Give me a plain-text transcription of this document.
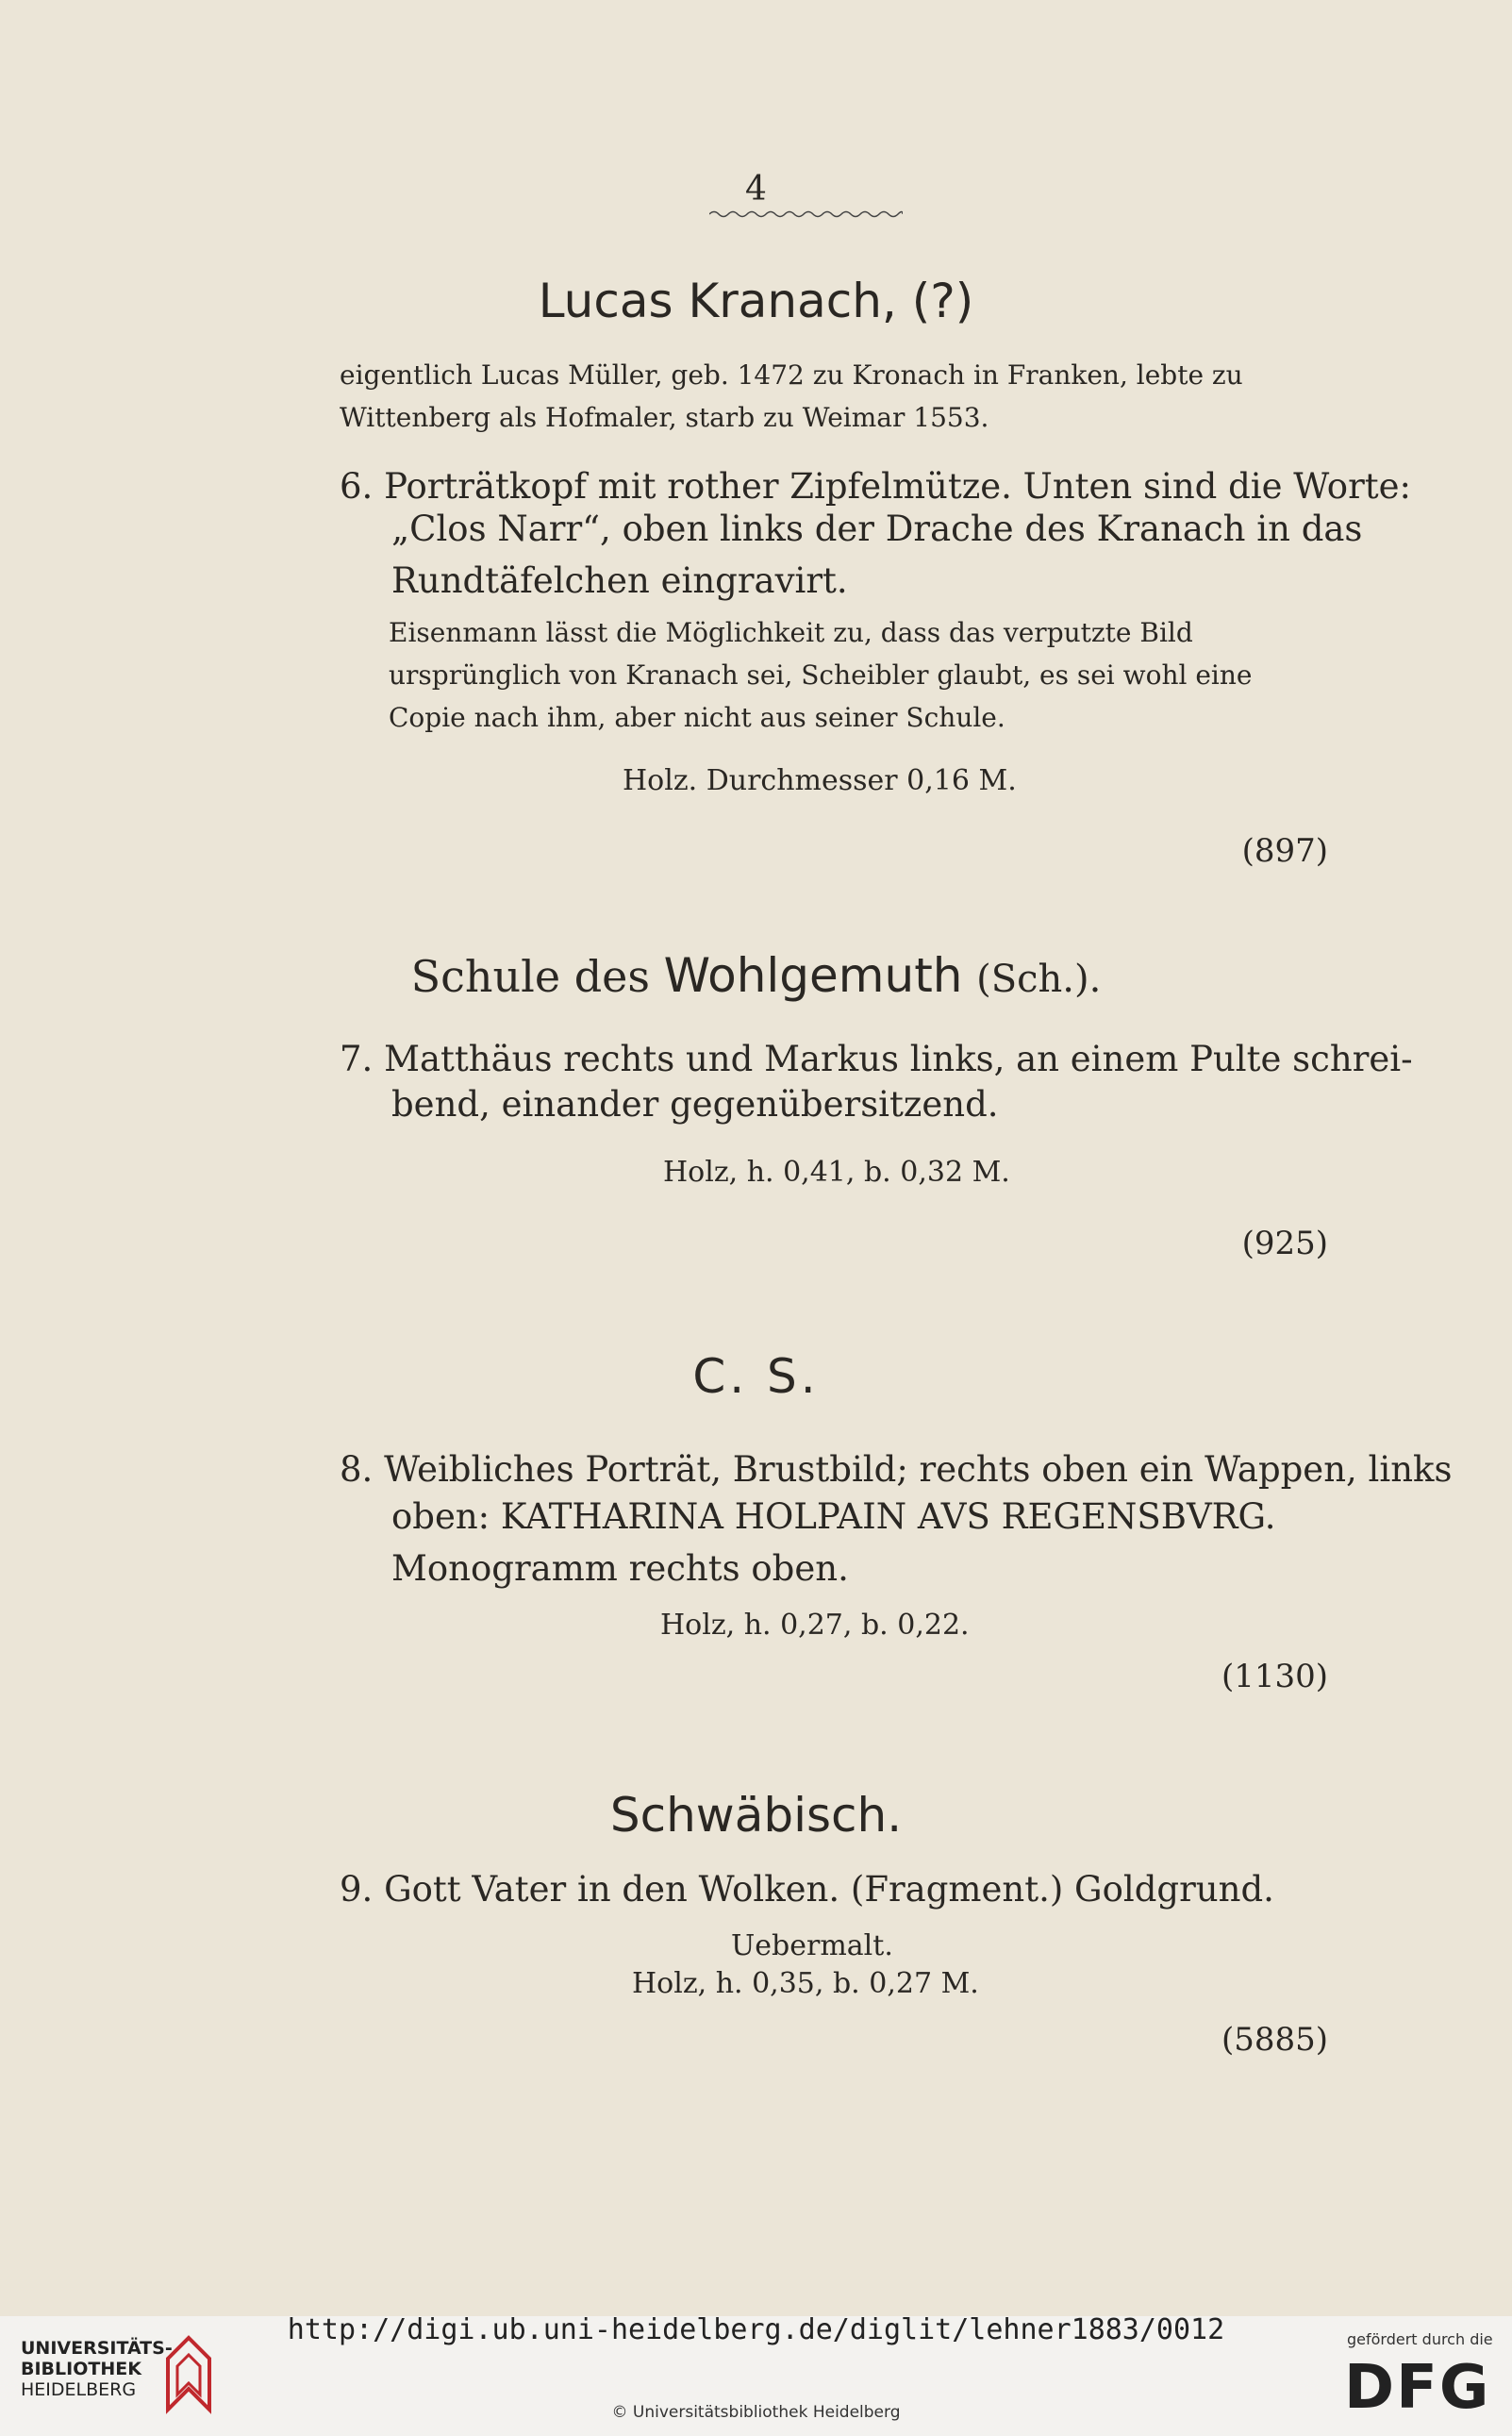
4
Lucas Kranach, (?)
eigentlich Lucas Müller, geb. 1472 zu Kronach in Franken, lebte zu
Wittenberg als Hofmaler, starb zu Weimar 1553.
6. Porträtkopf mit rother Zipfelmütze. Unten sind die Worte:
„Clos Narr“, oben links der Drache des Kranach in das
Rundtäfelchen eingravirt.
Eisenmann lässt die Möglichkeit zu, dass das verputzte Bild
ursprünglich von Kranach sei, Scheibler glaubt, es sei wohl eine
Copie nach ihm, aber nicht aus seiner Schule.
Holz. Durchmesser 0,16 M.
(897)
Schule des Wohlgemuth (Sch.).
7. Matthäus rechts und Markus links, an einem Pulte schrei-
bend, einander gegenübersitzend.
Holz, h. 0,41, b. 0,32 M.
(925)
C. S.
8. Weibliches Porträt, Brustbild; rechts oben ein Wappen, links
oben: KATHARINA HOLPAIN AVS REGENSBVRG.
Monogramm rechts oben.
Holz, h. 0,27, b. 0,22.
(1130)
Schwäbisch.
9. Gott Vater in den Wolken. (Fragment.) Goldgrund.
Uebermalt.
Holz, h. 0,35, b. 0,27 M.
(5885)
UNIVERSITÄTS-
BIBLIOTHEK
HEIDELBERG
http://digi.ub.uni-heidelberg.de/diglit/lehner1883/0012
© Universitätsbibliothek Heidelberg
gefördert durch die
DFG
